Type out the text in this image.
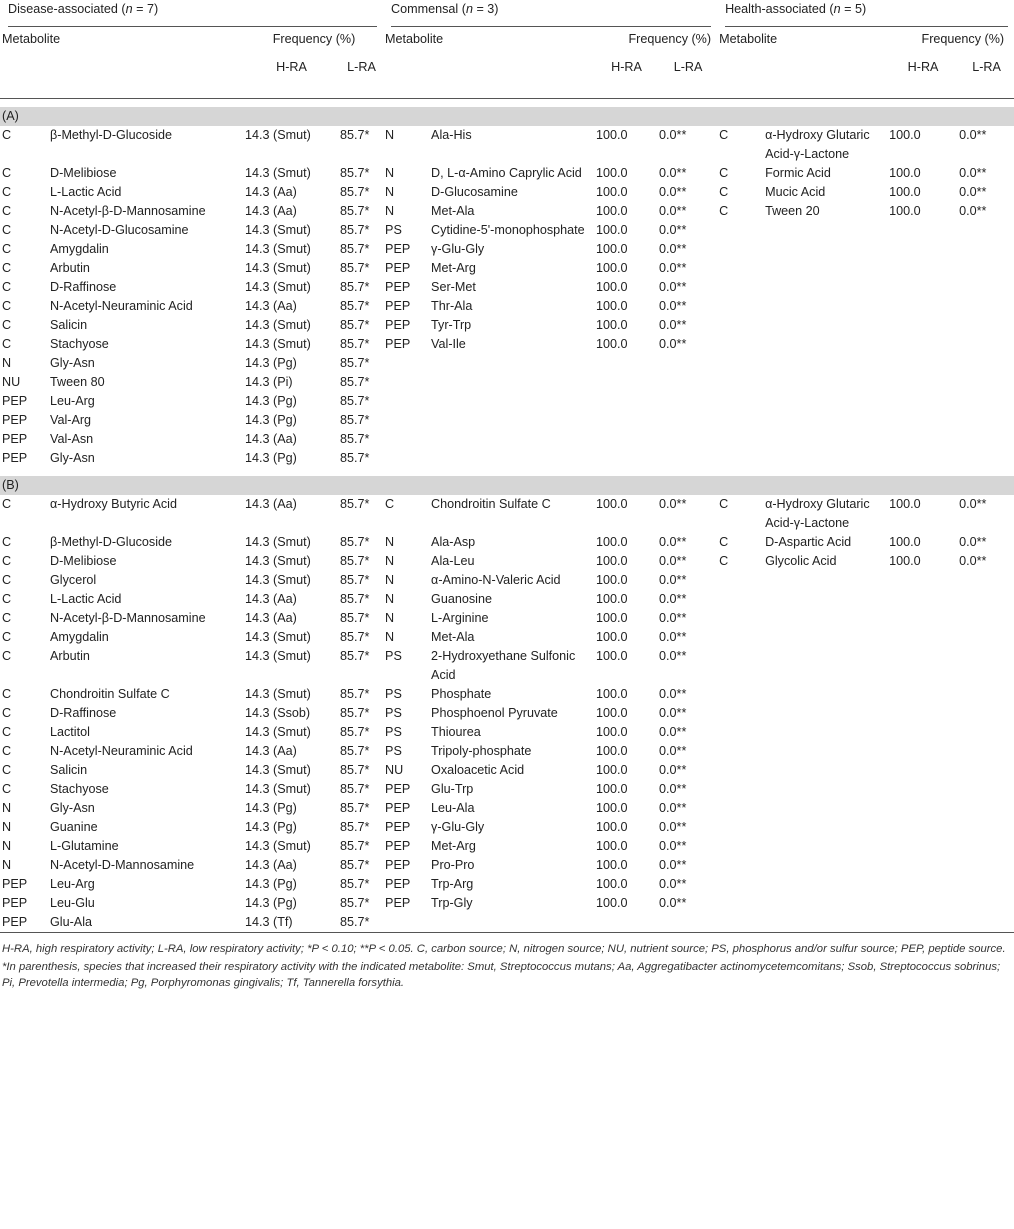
Disease-associated (n = 7)				Commensal (n = 3)				Health-associated (n = 5)			

Metabolite		Frequency (%)		Metabolite		Frequency (%)		Metabolite		Frequency (%)	
		H-RA	L-RA			H-RA	L-RA			H-RA	L-RA

(A)											
C	β-Methyl-D-Glucoside	14.3 (Smut)	85.7*	N	Ala-His	100.0	0.0**	C	α-Hydroxy Glutaric Acid-γ-Lactone	100.0	0.0**
C	D-Melibiose	14.3 (Smut)	85.7*	N	D, L-α-Amino Caprylic Acid	100.0	0.0**	C	Formic Acid	100.0	0.0**
C	L-Lactic Acid	14.3 (Aa)	85.7*	N	D-Glucosamine	100.0	0.0**	C	Mucic Acid	100.0	0.0**
C	N-Acetyl-β-D-Mannosamine	14.3 (Aa)	85.7*	N	Met-Ala	100.0	0.0**	C	Tween 20	100.0	0.0**
C	N-Acetyl-D-Glucosamine	14.3 (Smut)	85.7*	PS	Cytidine-5'-monophosphate	100.0	0.0**				
C	Amygdalin	14.3 (Smut)	85.7*	PEP	γ-Glu-Gly	100.0	0.0**				
C	Arbutin	14.3 (Smut)	85.7*	PEP	Met-Arg	100.0	0.0**				
C	D-Raffinose	14.3 (Smut)	85.7*	PEP	Ser-Met	100.0	0.0**				
C	N-Acetyl-Neuraminic Acid	14.3 (Aa)	85.7*	PEP	Thr-Ala	100.0	0.0**				
C	Salicin	14.3 (Smut)	85.7*	PEP	Tyr-Trp	100.0	0.0**				
C	Stachyose	14.3 (Smut)	85.7*	PEP	Val-Ile	100.0	0.0**				
N	Gly-Asn	14.3 (Pg)	85.7*								
NU	Tween 80	14.3 (Pi)	85.7*								
PEP	Leu-Arg	14.3 (Pg)	85.7*								
PEP	Val-Arg	14.3 (Pg)	85.7*								
PEP	Val-Asn	14.3 (Aa)	85.7*								
PEP	Gly-Asn	14.3 (Pg)	85.7*								

(B)											
C	α-Hydroxy Butyric Acid	14.3 (Aa)	85.7*	C	Chondroitin Sulfate C	100.0	0.0**	C	α-Hydroxy Glutaric Acid-γ-Lactone	100.0	0.0**
C	β-Methyl-D-Glucoside	14.3 (Smut)	85.7*	N	Ala-Asp	100.0	0.0**	C	D-Aspartic Acid	100.0	0.0**
C	D-Melibiose	14.3 (Smut)	85.7*	N	Ala-Leu	100.0	0.0**	C	Glycolic Acid	100.0	0.0**
C	Glycerol	14.3 (Smut)	85.7*	N	α-Amino-N-Valeric Acid	100.0	0.0**				
C	L-Lactic Acid	14.3 (Aa)	85.7*	N	Guanosine	100.0	0.0**				
C	N-Acetyl-β-D-Mannosamine	14.3 (Aa)	85.7*	N	L-Arginine	100.0	0.0**				
C	Amygdalin	14.3 (Smut)	85.7*	N	Met-Ala	100.0	0.0**				
C	Arbutin	14.3 (Smut)	85.7*	PS	2-Hydroxyethane Sulfonic Acid	100.0	0.0**				
C	Chondroitin Sulfate C	14.3 (Smut)	85.7*	PS	Phosphate	100.0	0.0**				
C	D-Raffinose	14.3 (Ssob)	85.7*	PS	Phosphoenol Pyruvate	100.0	0.0**				
C	Lactitol	14.3 (Smut)	85.7*	PS	Thiourea	100.0	0.0**				
C	N-Acetyl-Neuraminic Acid	14.3 (Aa)	85.7*	PS	Tripoly-phosphate	100.0	0.0**				
C	Salicin	14.3 (Smut)	85.7*	NU	Oxaloacetic Acid	100.0	0.0**				
C	Stachyose	14.3 (Smut)	85.7*	PEP	Glu-Trp	100.0	0.0**				
N	Gly-Asn	14.3 (Pg)	85.7*	PEP	Leu-Ala	100.0	0.0**				
N	Guanine	14.3 (Pg)	85.7*	PEP	γ-Glu-Gly	100.0	0.0**				
N	L-Glutamine	14.3 (Smut)	85.7*	PEP	Met-Arg	100.0	0.0**				
N	N-Acetyl-D-Mannosamine	14.3 (Aa)	85.7*	PEP	Pro-Pro	100.0	0.0**				
PEP	Leu-Arg	14.3 (Pg)	85.7*	PEP	Trp-Arg	100.0	0.0**				
PEP	Leu-Glu	14.3 (Pg)	85.7*	PEP	Trp-Gly	100.0	0.0**				
PEP	Glu-Ala	14.3 (Tf)	85.7*								

H-RA, high respiratory activity; L-RA, low respiratory activity; *P < 0.10; **P < 0.05. C, carbon source; N, nitrogen source; NU, nutrient source; PS, phosphorus and/or sulfur source; PEP, peptide source.

*In parenthesis, species that increased their respiratory activity with the indicated metabolite: Smut, Streptococcus mutans; Aa, Aggregatibacter actinomycetemcomitans; Ssob, Streptococcus sobrinus; Pi, Prevotella intermedia; Pg, Porphyromonas gingivalis; Tf, Tannerella forsythia.
